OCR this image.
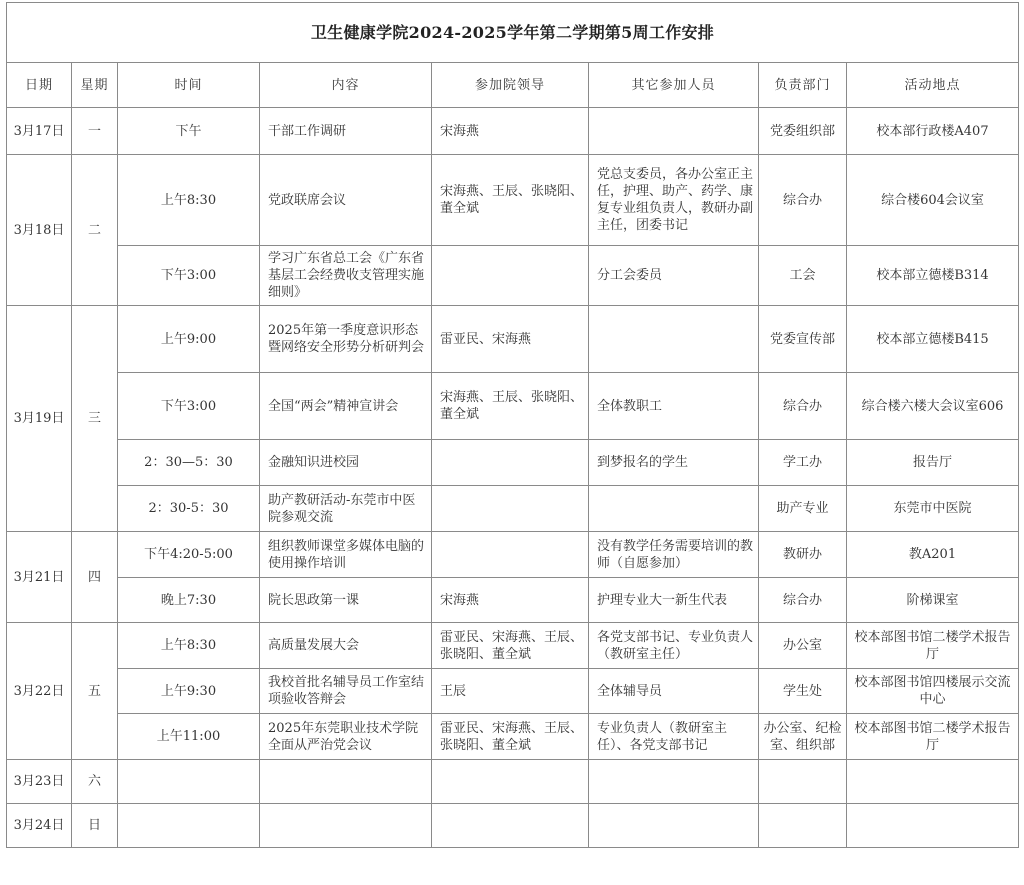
卫生健康学院2024-2025学年第二学期第5周工作安排							
日期	星期	时间	内容	参加院领导	其它参加人员	负责部门	活动地点
3月17日	一	下午	干部工作调研	宋海燕		党委组织部	校本部行政楼A407
3月18日	二	上午8:30	党政联席会议	宋海燕、王辰、张晓阳、董全斌	党总支委员，各办公室正主任，护理、助产、药学、康复专业组负责人，教研办副主任，团委书记	综合办	综合楼604会议室
		下午3:00	学习广东省总工会《广东省基层工会经费收支管理实施细则》		分工会委员	工会	校本部立德楼B314
3月19日	三	上午9:00	2025年第一季度意识形态暨网络安全形势分析研判会	雷亚民、宋海燕		党委宣传部	校本部立德楼B415
		下午3:00	全国“两会”精神宣讲会	宋海燕、王辰、张晓阳、董全斌	全体教职工	综合办	综合楼六楼大会议室606
		2：30—5：30	金融知识进校园		到梦报名的学生	学工办	报告厅
		2：30-5：30	助产教研活动-东莞市中医院参观交流			助产专业	东莞市中医院
3月21日	四	下午4:20-5:00	组织教师课堂多媒体电脑的使用操作培训		没有教学任务需要培训的教师（自愿参加）	教研办	教A201
		晚上7:30	院长思政第一课	宋海燕	护理专业大一新生代表	综合办	阶梯课室
3月22日	五	上午8:30	高质量发展大会	雷亚民、宋海燕、王辰、张晓阳、董全斌	各党支部书记、专业负责人（教研室主任）	办公室	校本部图书馆二楼学术报告厅
		上午9:30	我校首批名辅导员工作室结项验收答辩会	王辰	全体辅导员	学生处	校本部图书馆四楼展示交流中心
		上午11:00	2025年东莞职业技术学院全面从严治党会议	雷亚民、宋海燕、王辰、张晓阳、董全斌	专业负责人（教研室主任）、各党支部书记	办公室、纪检室、组织部	校本部图书馆二楼学术报告厅
3月23日	六						
3月24日	日						
